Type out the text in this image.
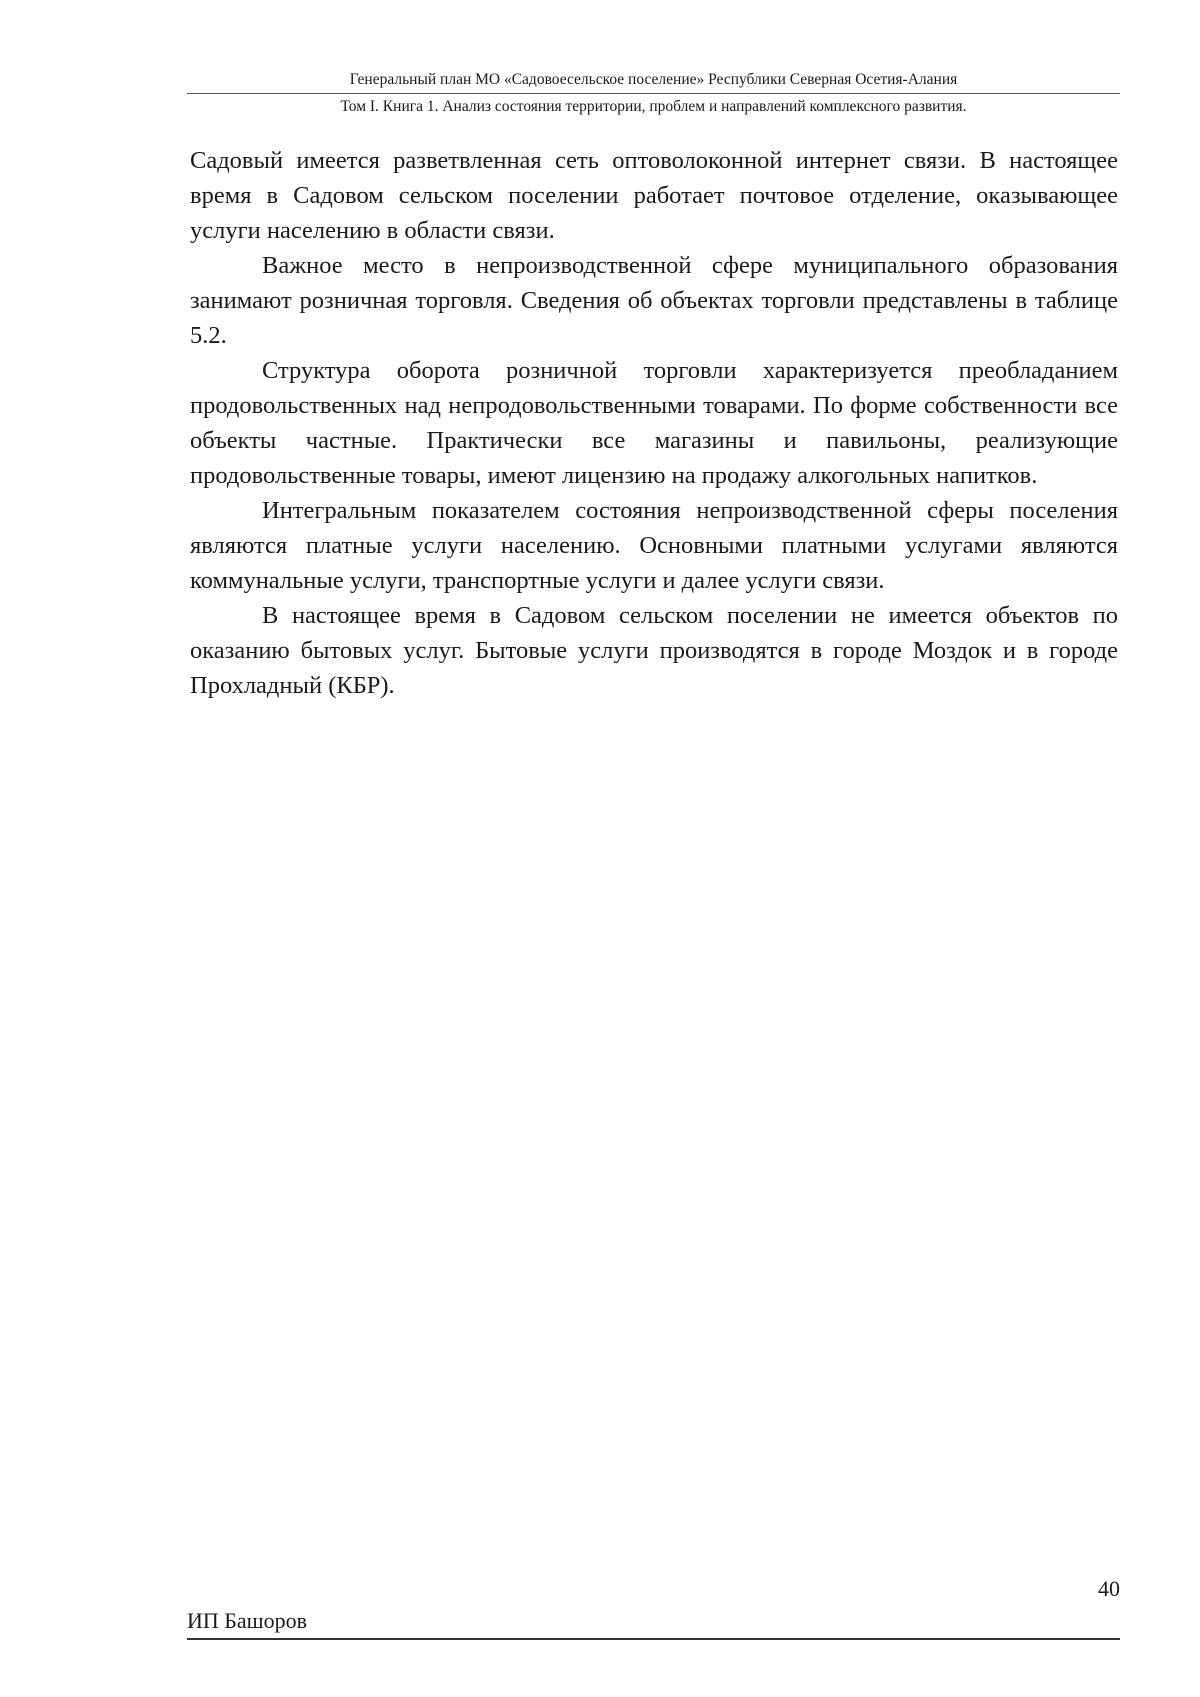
Генеральный план МО «Садовоесельское поселение» Республики Северная Осетия-Алания
Том I. Книга 1. Анализ состояния территории, проблем и направлений комплексного развития.

Садовый имеется разветвленная сеть оптоволоконной интернет связи. В настоящее время в Садовом сельском поселении работает почтовое отделение, оказывающее услуги населению в области связи.

Важное место в непроизводственной сфере муниципального образования занимают розничная торговля. Сведения об объектах торговли представлены в таблице 5.2.

Структура оборота розничной торговли характеризуется преобладанием продовольственных над непродовольственными товарами. По форме собственности все объекты частные. Практически все магазины и павильоны, реализующие продовольственные товары, имеют лицензию на продажу алкогольных напитков.

Интегральным показателем состояния непроизводственной сферы поселения являются платные услуги населению. Основными платными услугами являются коммунальные услуги, транспортные услуги и далее услуги связи.

В настоящее время в Садовом сельском поселении не имеется объектов по оказанию бытовых услуг. Бытовые услуги производятся в городе Моздок и в городе Прохладный (КБР).

40
ИП Башоров
